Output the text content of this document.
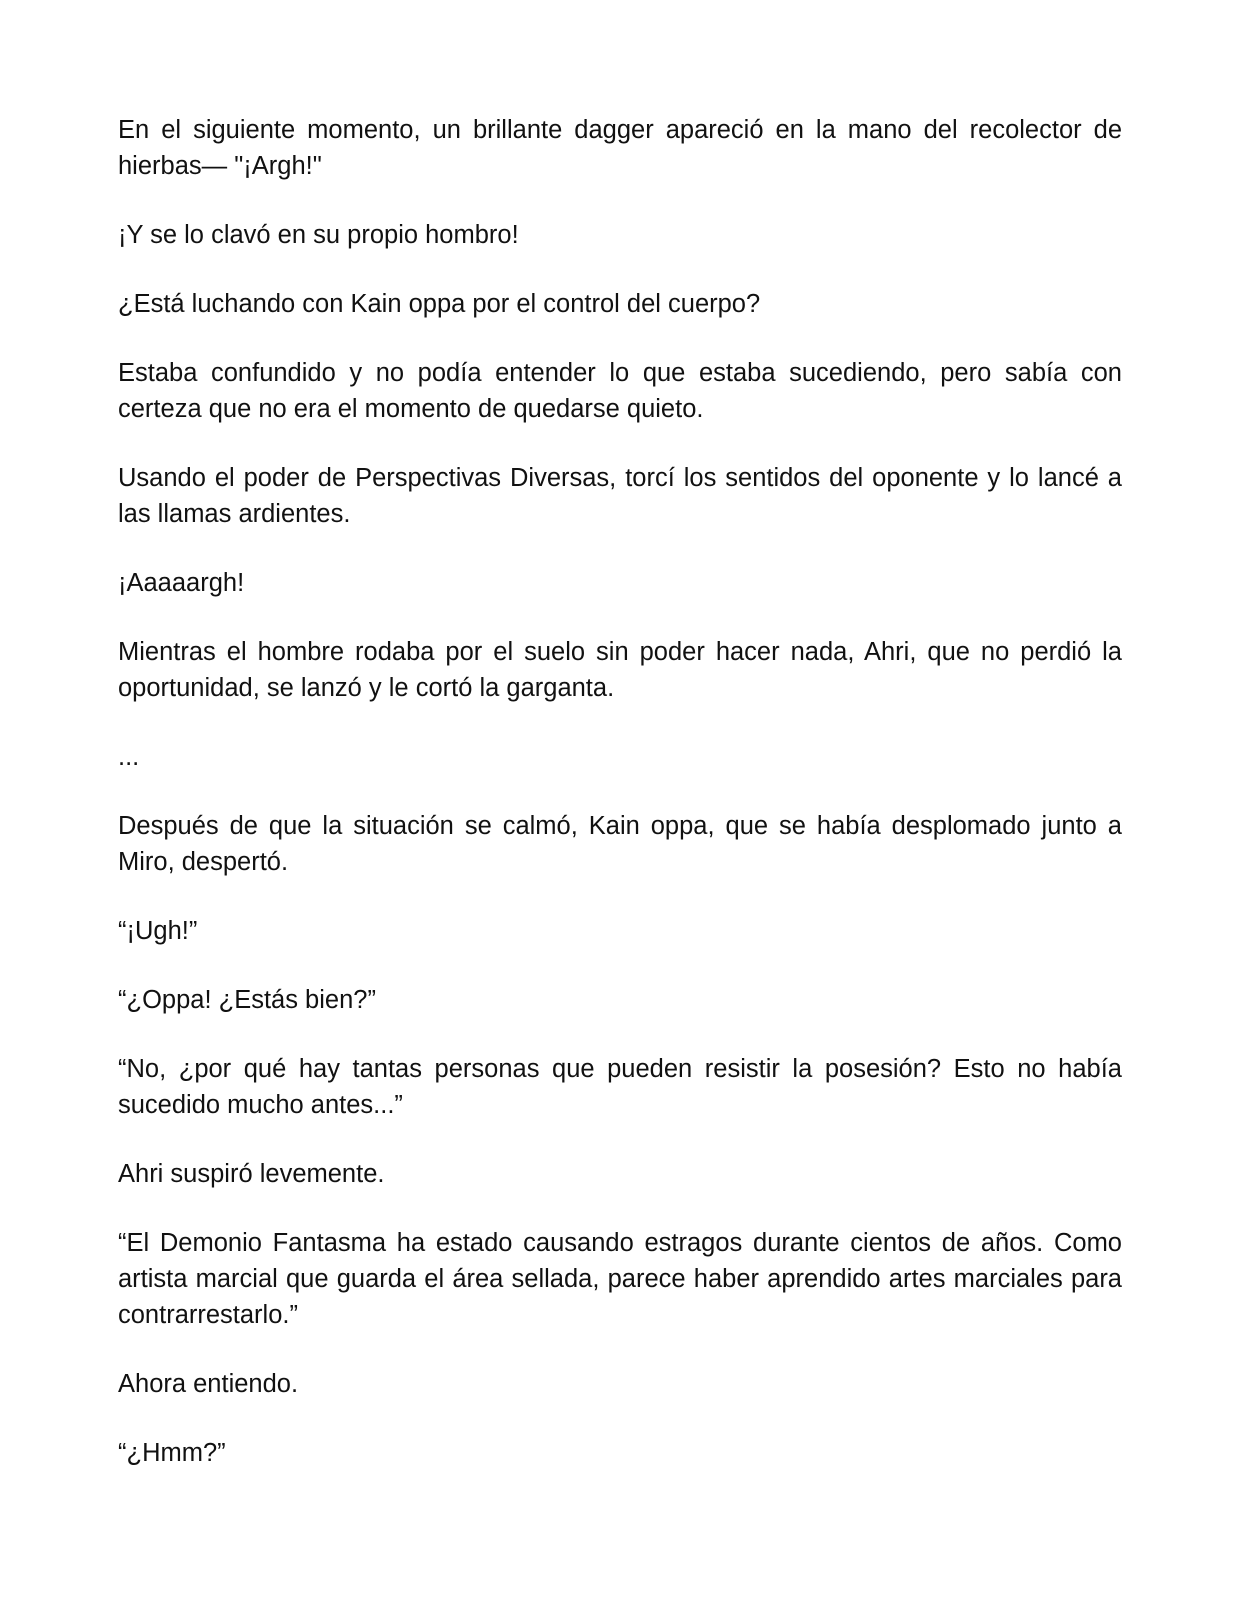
En el siguiente momento, un brillante dagger apareció en la mano del recolector de hierbas— "¡Argh!"

¡Y se lo clavó en su propio hombro!

¿Está luchando con Kain oppa por el control del cuerpo?

Estaba confundido y no podía entender lo que estaba sucediendo, pero sabía con certeza que no era el momento de quedarse quieto.

Usando el poder de Perspectivas Diversas, torcí los sentidos del oponente y lo lancé a las llamas ardientes.

¡Aaaaargh!

Mientras el hombre rodaba por el suelo sin poder hacer nada, Ahri, que no perdió la oportunidad, se lanzó y le cortó la garganta.

...

Después de que la situación se calmó, Kain oppa, que se había desplomado junto a Miro, despertó.

“¡Ugh!”

“¿Oppa! ¿Estás bien?”

“No, ¿por qué hay tantas personas que pueden resistir la posesión? Esto no había sucedido mucho antes...”

Ahri suspiró levemente.

“El Demonio Fantasma ha estado causando estragos durante cientos de años. Como artista marcial que guarda el área sellada, parece haber aprendido artes marciales para contrarrestarlo.”

Ahora entiendo.

“¿Hmm?”
